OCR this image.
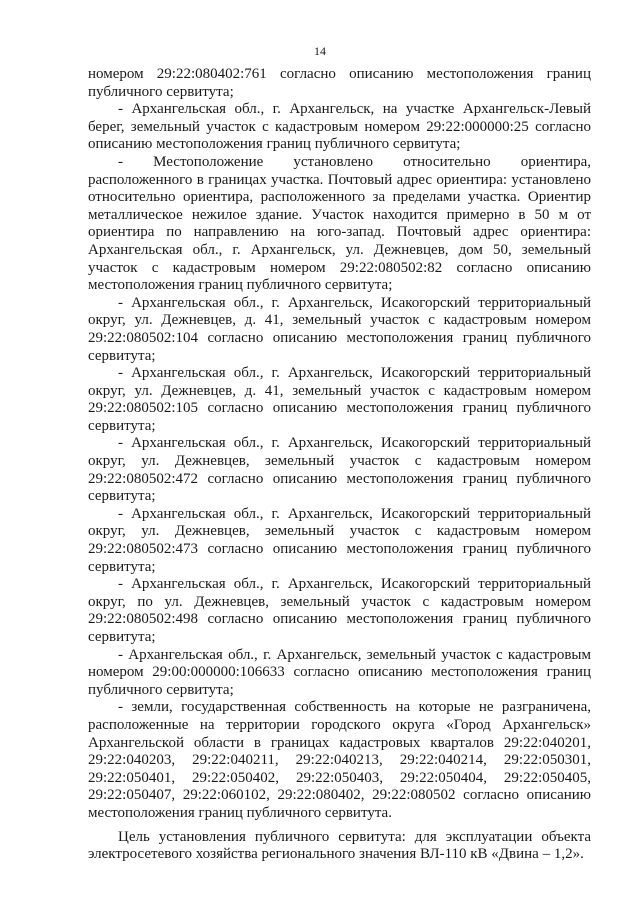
14

номером 29:22:080402:761 согласно описанию местоположения границ публичного сервитута;

- Архангельская обл., г. Архангельск, на участке Архангельск-Левый берег, земельный участок с кадастровым номером 29:22:000000:25 согласно описанию местоположения границ публичного сервитута;

- Местоположение установлено относительно ориентира, расположенного в границах участка. Почтовый адрес ориентира: установлено относительно ориентира, расположенного за пределами участка. Ориентир металлическое нежилое здание. Участок находится примерно в 50 м от ориентира по направлению на юго-запад. Почтовый адрес ориентира: Архангельская обл., г. Архангельск, ул. Дежневцев, дом 50, земельный участок с кадастровым номером 29:22:080502:82 согласно описанию местоположения границ публичного сервитута;

- Архангельская обл., г. Архангельск, Исакогорский территориальный округ, ул. Дежневцев, д. 41, земельный участок с кадастровым номером 29:22:080502:104 согласно описанию местоположения границ публичного сервитута;

- Архангельская обл., г. Архангельск, Исакогорский территориальный округ, ул. Дежневцев, д. 41, земельный участок с кадастровым номером 29:22:080502:105 согласно описанию местоположения границ публичного сервитута;

- Архангельская обл., г. Архангельск, Исакогорский территориальный округ, ул. Дежневцев, земельный участок с кадастровым номером 29:22:080502:472 согласно описанию местоположения границ публичного сервитута;

- Архангельская обл., г. Архангельск, Исакогорский территориальный округ, ул. Дежневцев, земельный участок с кадастровым номером 29:22:080502:473 согласно описанию местоположения границ публичного сервитута;

- Архангельская обл., г. Архангельск, Исакогорский территориальный округ, по ул. Дежневцев, земельный участок с кадастровым номером 29:22:080502:498 согласно описанию местоположения границ публичного сервитута;

- Архангельская обл., г. Архангельск, земельный участок с кадастровым номером 29:00:000000:106633 согласно описанию местоположения границ публичного сервитута;

- земли, государственная собственность на которые не разграничена, расположенные на территории городского округа «Город Архангельск» Архангельской области в границах кадастровых кварталов 29:22:040201, 29:22:040203, 29:22:040211, 29:22:040213, 29:22:040214, 29:22:050301, 29:22:050401, 29:22:050402, 29:22:050403, 29:22:050404, 29:22:050405, 29:22:050407, 29:22:060102, 29:22:080402, 29:22:080502 согласно описанию местоположения границ публичного сервитута.

Цель установления публичного сервитута: для эксплуатации объекта электросетевого хозяйства регионального значения ВЛ-110 кВ «Двина – 1,2».
